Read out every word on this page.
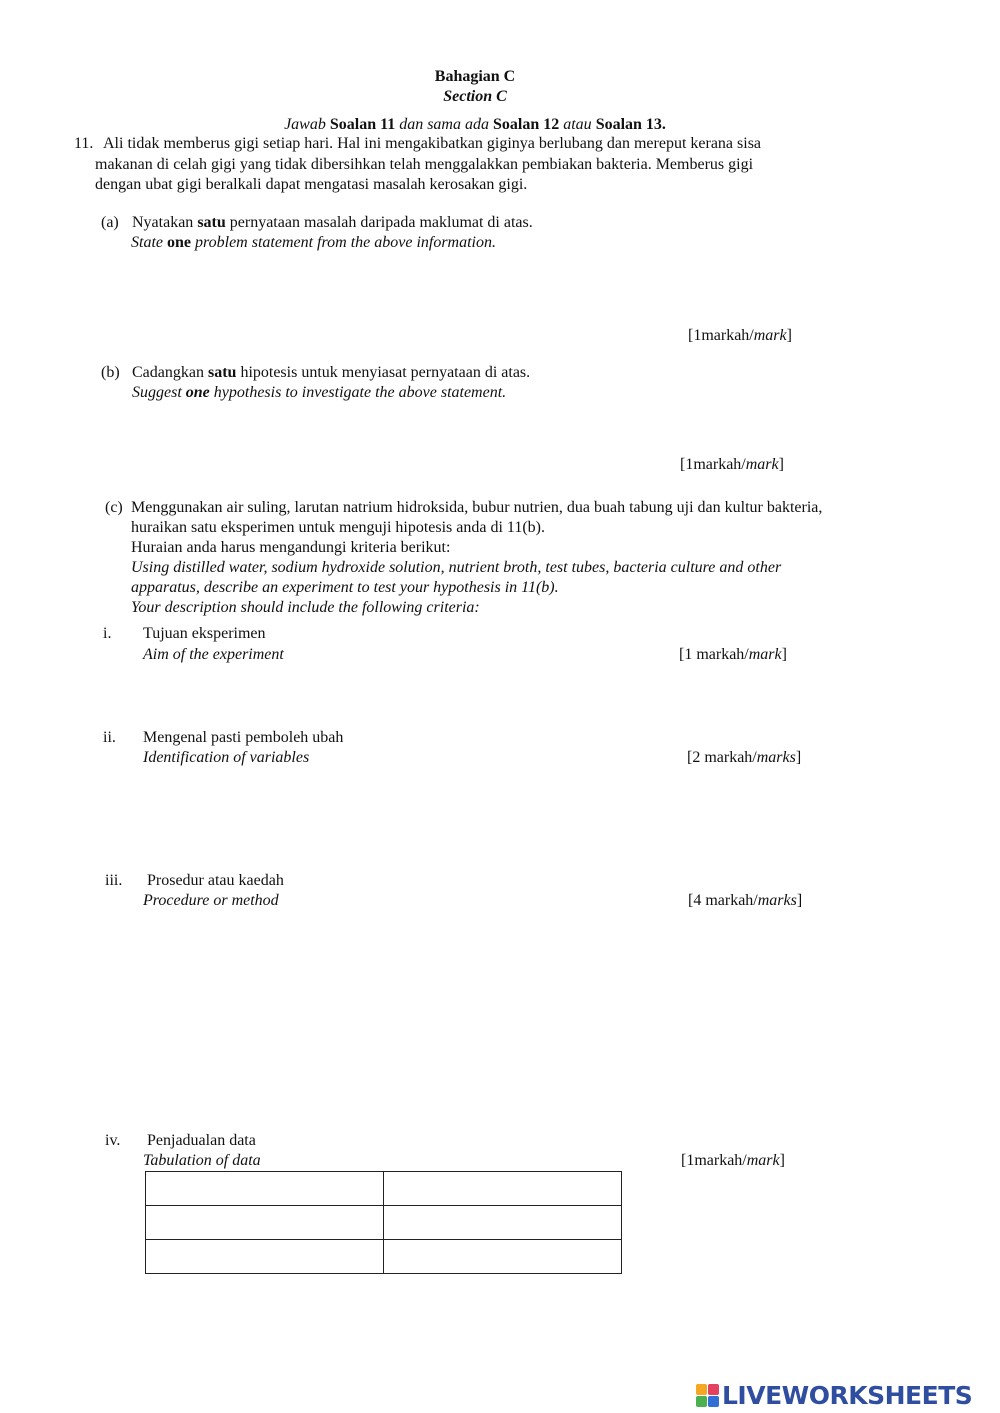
Bahagian C
Section C
Jawab Soalan 11 dan sama ada Soalan 12 atau Soalan 13.
11. Ali tidak memberus gigi setiap hari. Hal ini mengakibatkan giginya berlubang dan mereput kerana sisa
makanan di celah gigi yang tidak dibersihkan telah menggalakkan pembiakan bakteria. Memberus gigi
dengan ubat gigi beralkali dapat mengatasi masalah kerosakan gigi.
(a) Nyatakan satu pernyataan masalah daripada maklumat di atas.
State one problem statement from the above information.
[1markah/mark]
(b) Cadangkan satu hipotesis untuk menyiasat pernyataan di atas.
Suggest one hypothesis to investigate the above statement.
[1markah/mark]
(c) Menggunakan air suling, larutan natrium hidroksida, bubur nutrien, dua buah tabung uji dan kultur bakteria,
huraikan satu eksperimen untuk menguji hipotesis anda di 11(b).
Huraian anda harus mengandungi kriteria berikut:
Using distilled water, sodium hydroxide solution, nutrient broth, test tubes, bacteria culture and other
apparatus, describe an experiment to test your hypothesis in 11(b).
Your description should include the following criteria:
i. Tujuan eksperimen
Aim of the experiment	[1 markah/mark]
ii. Mengenal pasti pemboleh ubah
Identification of variables	[2 markah/marks]
iii. Prosedur atau kaedah
Procedure or method	[4 markah/marks]
iv. Penjadualan data
Tabulation of data	[1markah/mark]

LIVEWORKSHEETS
